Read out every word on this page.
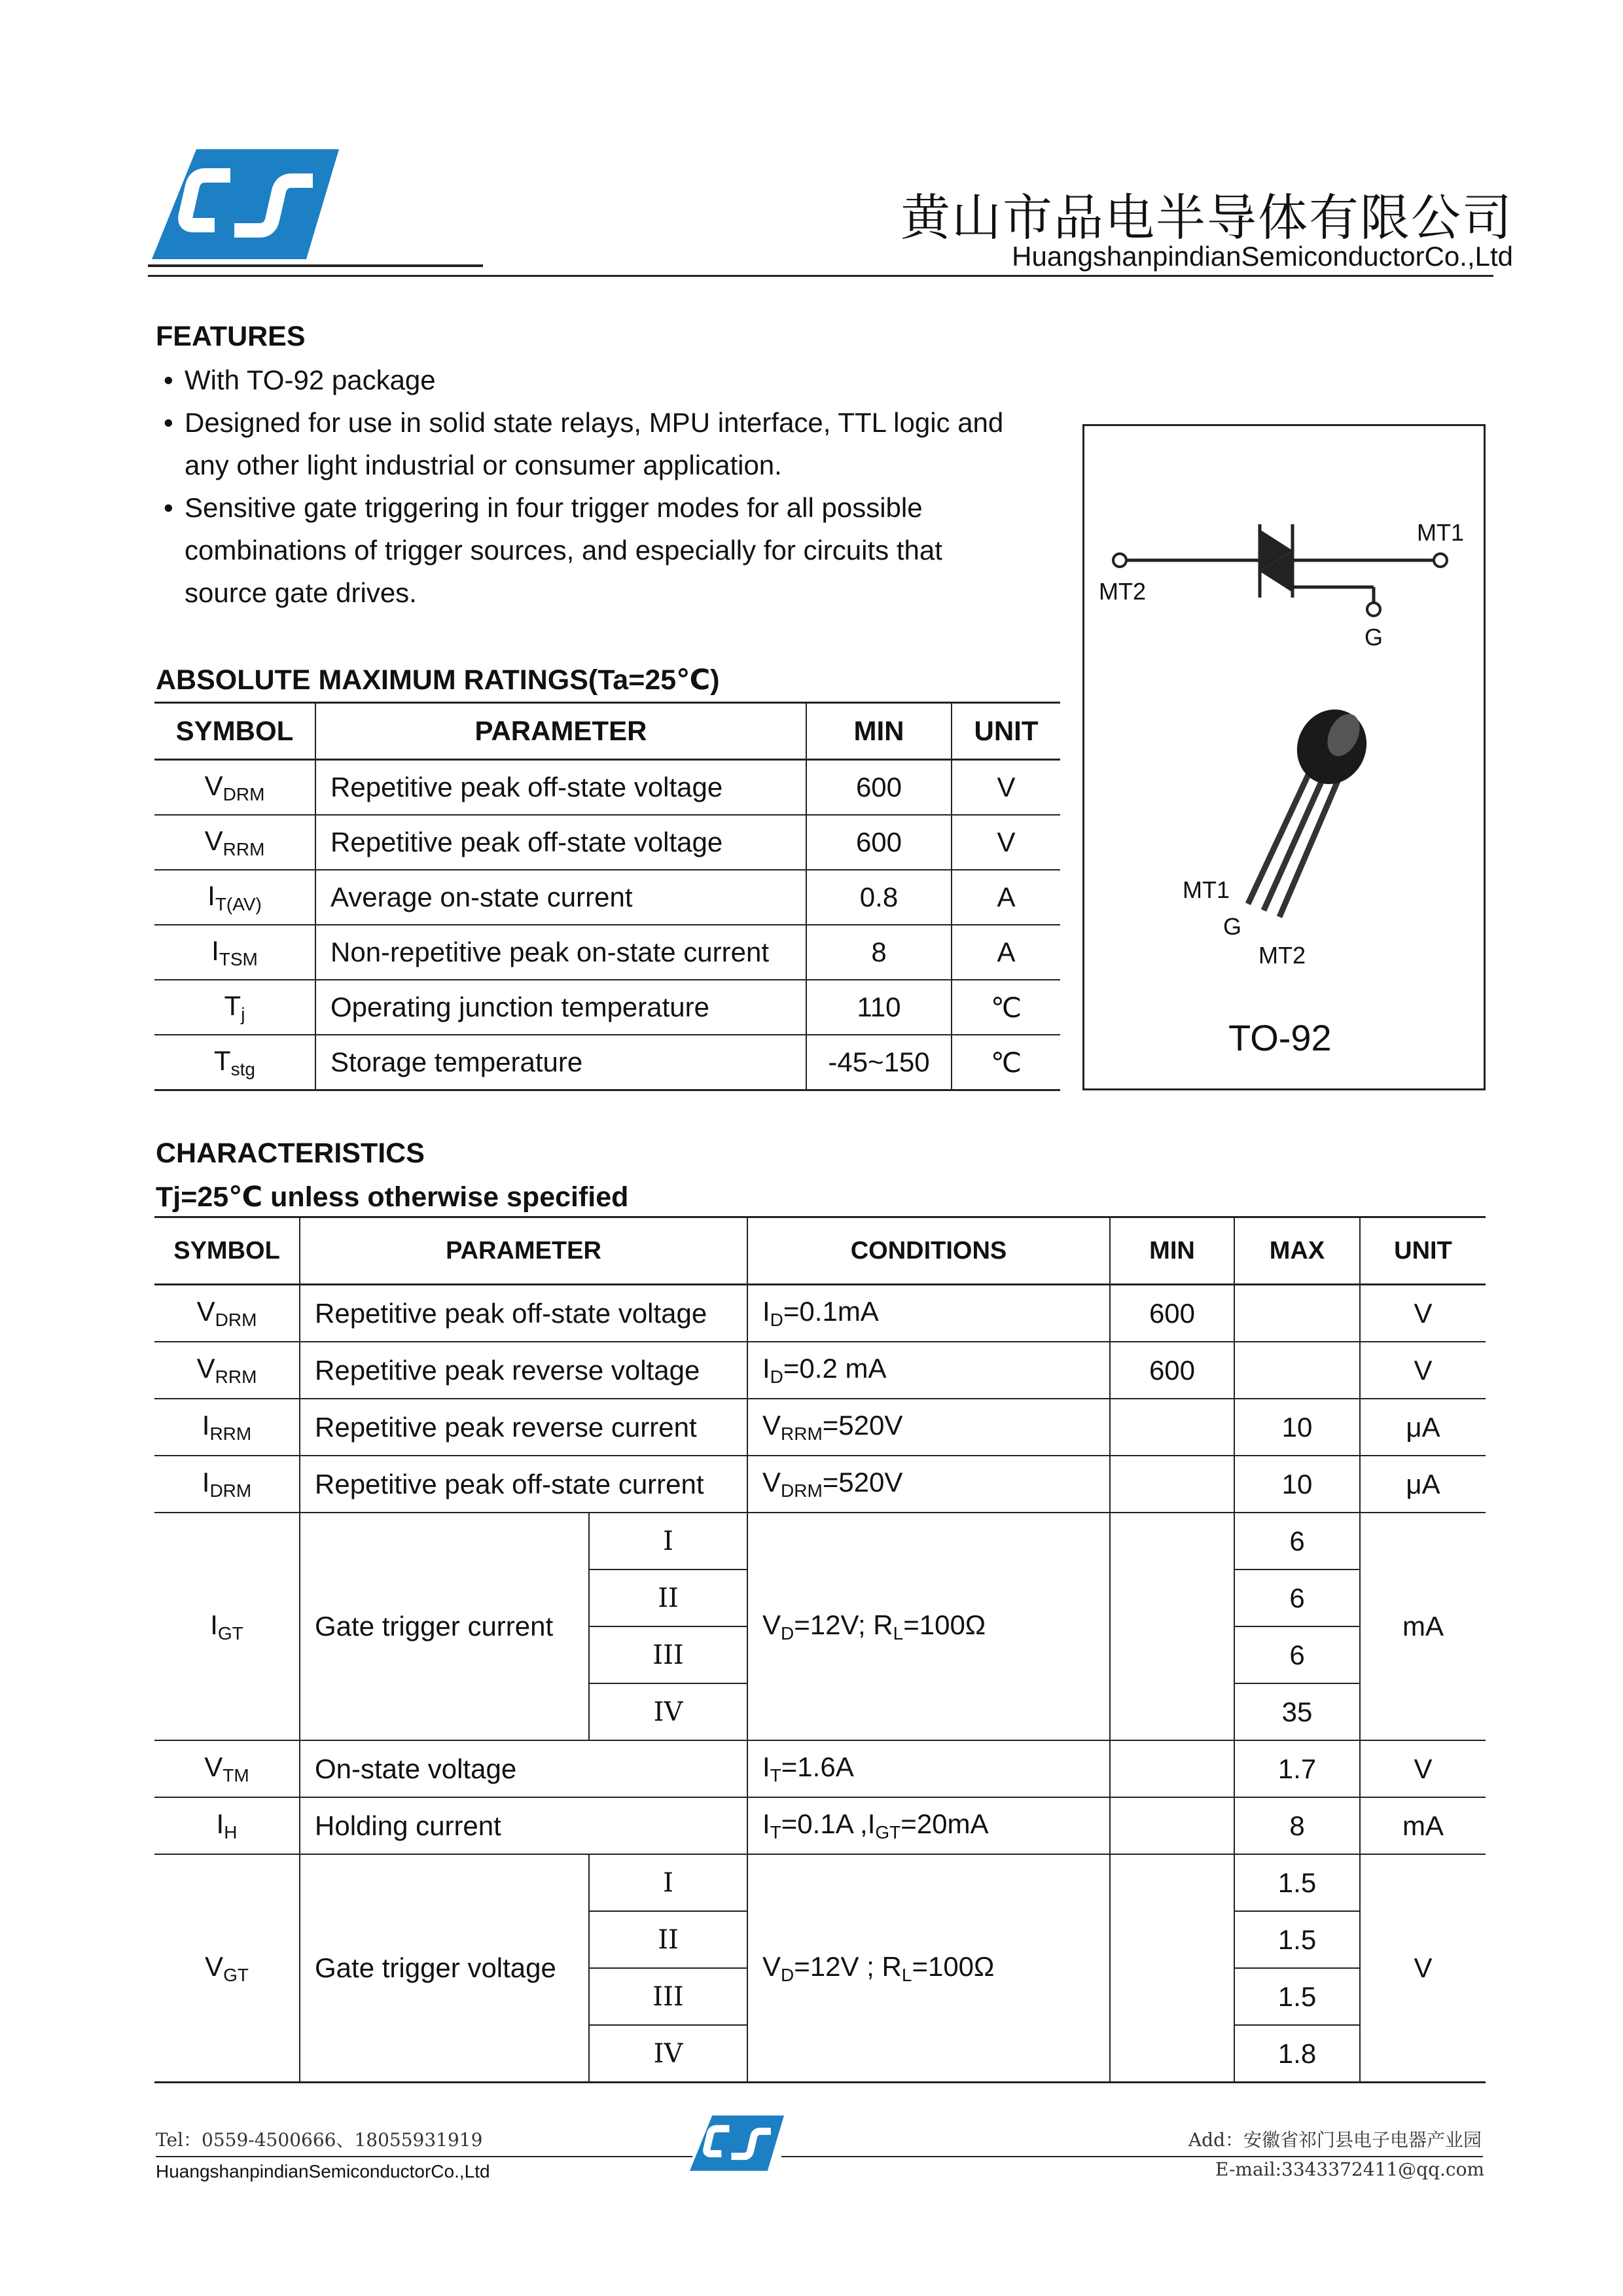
黄山市品电半导体有限公司
HuangshanpindianSemiconductorCo.,Ltd
FEATURES
• With TO-92 package
• Designed for use in solid state relays, MPU interface, TTL logic and any other light industrial or consumer application.
• Sensitive gate triggering in four trigger modes for all possible combinations of trigger sources, and especially for circuits that source gate drives.
ABSOLUTE MAXIMUM RATINGS(Ta=25℃)
SYMBOL	PARAMETER	MIN	UNIT
$V_{DRM}$	Repetitive peak off-state voltage	600	V
$V_{RRM}$	Repetitive peak off-state voltage	600	V
$I_{T(AV)}$	Average on-state current	0.8	A
$I_{TSM}$	Non-repetitive peak on-state current	8	A
$T_j$	Operating junction temperature	110	℃
$T_{stg}$	Storage temperature	-45~150	℃
MT2
MT1
G
MT1
G
MT2
TO-92
CHARACTERISTICS
Tj=25℃ unless otherwise specified
SYMBOL	PARAMETER		CONDITIONS	MIN	MAX	UNIT
$V_{DRM}$	Repetitive peak off-state voltage		$I_D=0.1mA$	600		V
$V_{RRM}$	Repetitive peak reverse voltage		$I_D=0.2$ mA	600		V
$I_{RRM}$	Repetitive peak reverse current		$V_{RRM}=520V$		10	μA
$I_{DRM}$	Repetitive peak off-state current		$V_{DRM}=520V$		10	μA
$I_{GT}$	Gate trigger current	I	$V_D=12V$; $R_L=100\Omega$		6	mA
		II			6	
		III			6	
		IV			35	
$V_{TM}$	On-state voltage		$I_T=1.6A$		1.7	V
$I_H$	Holding current		$I_T=0.1A$ $,I_{GT}=20mA$		8	mA
$V_{GT}$	Gate trigger voltage	I	$V_D=12V$ ; $R_L=100\Omega$		1.5	V
		II			1.5	
		III			1.5	
		IV			1.8	
Tel：0559-4500666、18055931919
HuangshanpindianSemiconductorCo.,Ltd
Add：安徽省祁门县电子电器产业园
E-mail:3343372411@qq.com
